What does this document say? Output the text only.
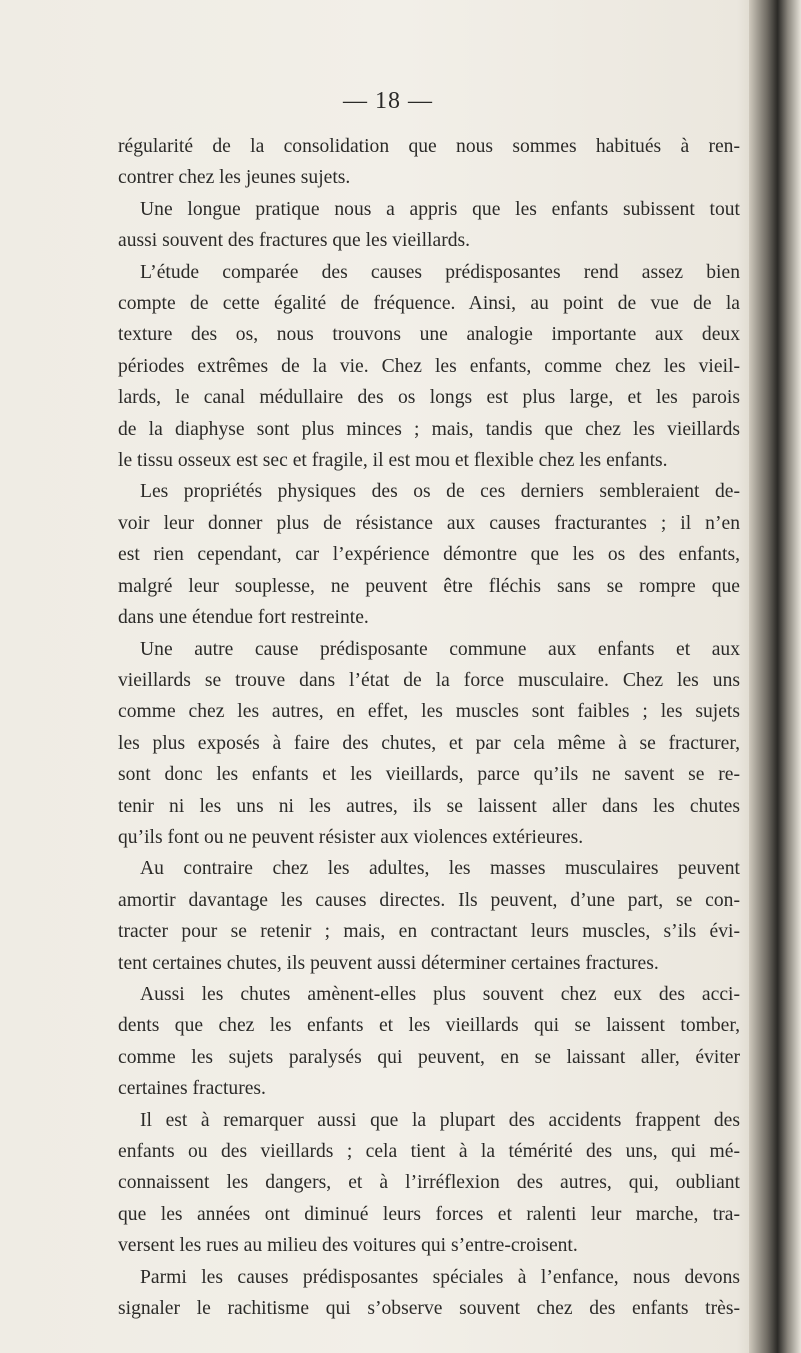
— 18 —

régularité de la consolidation que nous sommes habitués à ren-

contrer chez les jeunes sujets.

Une longue pratique nous a appris que les enfants subissent tout

aussi souvent des fractures que les vieillards.

L’étude comparée des causes prédisposantes rend assez bien

compte de cette égalité de fréquence. Ainsi, au point de vue de la

texture des os, nous trouvons une analogie importante aux deux

périodes extrêmes de la vie. Chez les enfants, comme chez les vieil-

lards, le canal médullaire des os longs est plus large, et les parois

de la diaphyse sont plus minces ; mais, tandis que chez les vieillards

le tissu osseux est sec et fragile, il est mou et flexible chez les enfants.

Les propriétés physiques des os de ces derniers sembleraient de-

voir leur donner plus de résistance aux causes fracturantes ; il n’en

est rien cependant, car l’expérience démontre que les os des enfants,

malgré leur souplesse, ne peuvent être fléchis sans se rompre que

dans une étendue fort restreinte.

Une autre cause prédisposante commune aux enfants et aux

vieillards se trouve dans l’état de la force musculaire. Chez les uns

comme chez les autres, en effet, les muscles sont faibles ; les sujets

les plus exposés à faire des chutes, et par cela même à se fracturer,

sont donc les enfants et les vieillards, parce qu’ils ne savent se re-

tenir ni les uns ni les autres, ils se laissent aller dans les chutes

qu’ils font ou ne peuvent résister aux violences extérieures.

Au contraire chez les adultes, les masses musculaires peuvent

amortir davantage les causes directes. Ils peuvent, d’une part, se con-

tracter pour se retenir ; mais, en contractant leurs muscles, s’ils évi-

tent certaines chutes, ils peuvent aussi déterminer certaines fractures.

Aussi les chutes amènent-elles plus souvent chez eux des acci-

dents que chez les enfants et les vieillards qui se laissent tomber,

comme les sujets paralysés qui peuvent, en se laissant aller, éviter

certaines fractures.

Il est à remarquer aussi que la plupart des accidents frappent des

enfants ou des vieillards ; cela tient à la témérité des uns, qui mé-

connaissent les dangers, et à l’irréflexion des autres, qui, oubliant

que les années ont diminué leurs forces et ralenti leur marche, tra-

versent les rues au milieu des voitures qui s’entre-croisent.

Parmi les causes prédisposantes spéciales à l’enfance, nous devons

signaler le rachitisme qui s’observe souvent chez des enfants très-
